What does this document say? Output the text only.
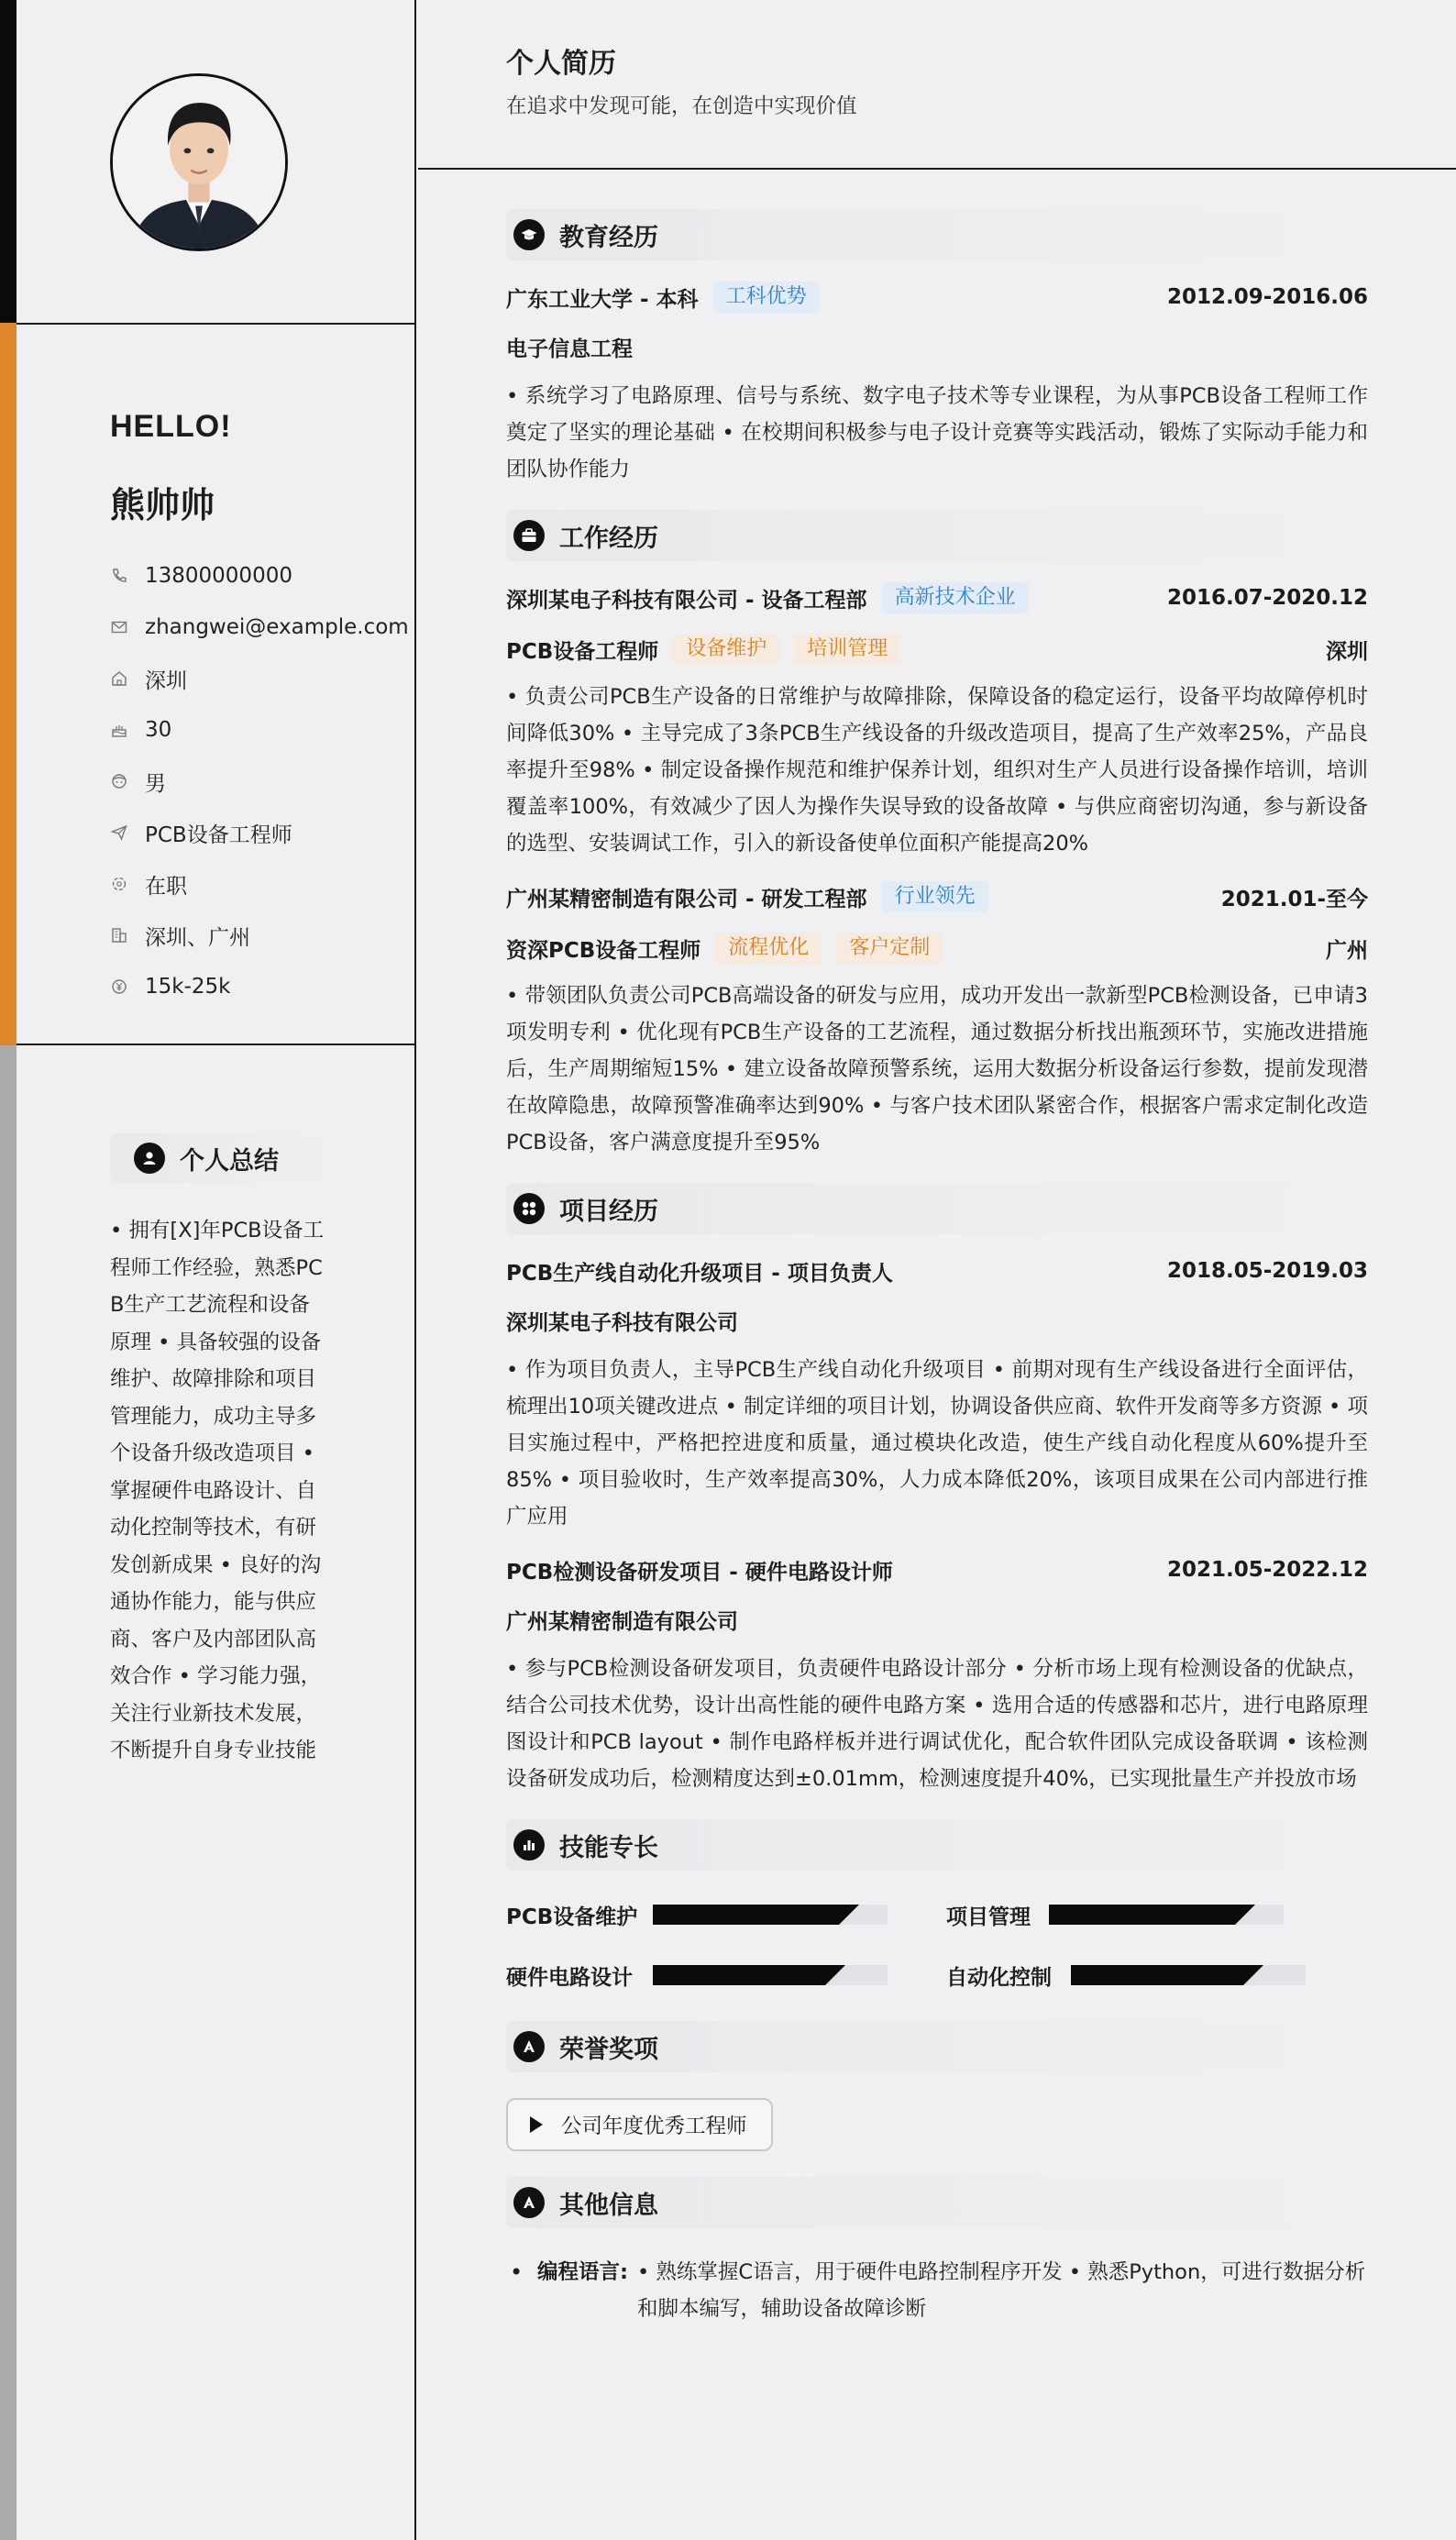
HELLO!
熊帅帅
13800000000
zhangwei@example.com
深圳
30
男
PCB设备工程师
在职
深圳、广州
15k-25k
个人总结
• 拥有[X]年PCB设备工程师工作经验，熟悉PCB生产工艺流程和设备原理 • 具备较强的设备维护、故障排除和项目管理能力，成功主导多个设备升级改造项目 • 掌握硬件电路设计、自动化控制等技术，有研发创新成果 • 良好的沟通协作能力，能与供应商、客户及内部团队高效合作 • 学习能力强，关注行业新技术发展，不断提升自身专业技能
个人简历
在追求中发现可能，在创造中实现价值
教育经历
广东工业大学 - 本科	工科优势	2012.09-2016.06
电子信息工程
• 系统学习了电路原理、信号与系统、数字电子技术等专业课程，为从事PCB设备工程师工作奠定了坚实的理论基础 • 在校期间积极参与电子设计竞赛等实践活动，锻炼了实际动手能力和团队协作能力
工作经历
深圳某电子科技有限公司 - 设备工程部	高新技术企业	2016.07-2020.12
PCB设备工程师	设备维护	培训管理	深圳
• 负责公司PCB生产设备的日常维护与故障排除，保障设备的稳定运行，设备平均故障停机时间降低30% • 主导完成了3条PCB生产线设备的升级改造项目，提高了生产效率25%，产品良率提升至98% • 制定设备操作规范和维护保养计划，组织对生产人员进行设备操作培训，培训覆盖率100%，有效减少了因人为操作失误导致的设备故障 • 与供应商密切沟通，参与新设备的选型、安装调试工作，引入的新设备使单位面积产能提高20%
广州某精密制造有限公司 - 研发工程部	行业领先	2021.01-至今
资深PCB设备工程师	流程优化	客户定制	广州
• 带领团队负责公司PCB高端设备的研发与应用，成功开发出一款新型PCB检测设备，已申请3项发明专利 • 优化现有PCB生产设备的工艺流程，通过数据分析找出瓶颈环节，实施改进措施后，生产周期缩短15% • 建立设备故障预警系统，运用大数据分析设备运行参数，提前发现潜在故障隐患，故障预警准确率达到90% • 与客户技术团队紧密合作，根据客户需求定制化改造PCB设备，客户满意度提升至95%
项目经历
PCB生产线自动化升级项目 - 项目负责人	2018.05-2019.03
深圳某电子科技有限公司
• 作为项目负责人，主导PCB生产线自动化升级项目 • 前期对现有生产线设备进行全面评估，梳理出10项关键改进点 • 制定详细的项目计划，协调设备供应商、软件开发商等多方资源 • 项目实施过程中，严格把控进度和质量，通过模块化改造，使生产线自动化程度从60%提升至85% • 项目验收时，生产效率提高30%，人力成本降低20%，该项目成果在公司内部进行推广应用
PCB检测设备研发项目 - 硬件电路设计师	2021.05-2022.12
广州某精密制造有限公司
• 参与PCB检测设备研发项目，负责硬件电路设计部分 • 分析市场上现有检测设备的优缺点，结合公司技术优势，设计出高性能的硬件电路方案 • 选用合适的传感器和芯片，进行电路原理图设计和PCB layout • 制作电路样板并进行调试优化，配合软件团队完成设备联调 • 该检测设备研发成功后，检测精度达到±0.01mm，检测速度提升40%，已实现批量生产并投放市场
技能专长
PCB设备维护	项目管理
硬件电路设计	自动化控制
荣誉奖项
公司年度优秀工程师
其他信息
• 编程语言: • 熟练掌握C语言，用于硬件电路控制程序开发 • 熟悉Python，可进行数据分析和脚本编写，辅助设备故障诊断
